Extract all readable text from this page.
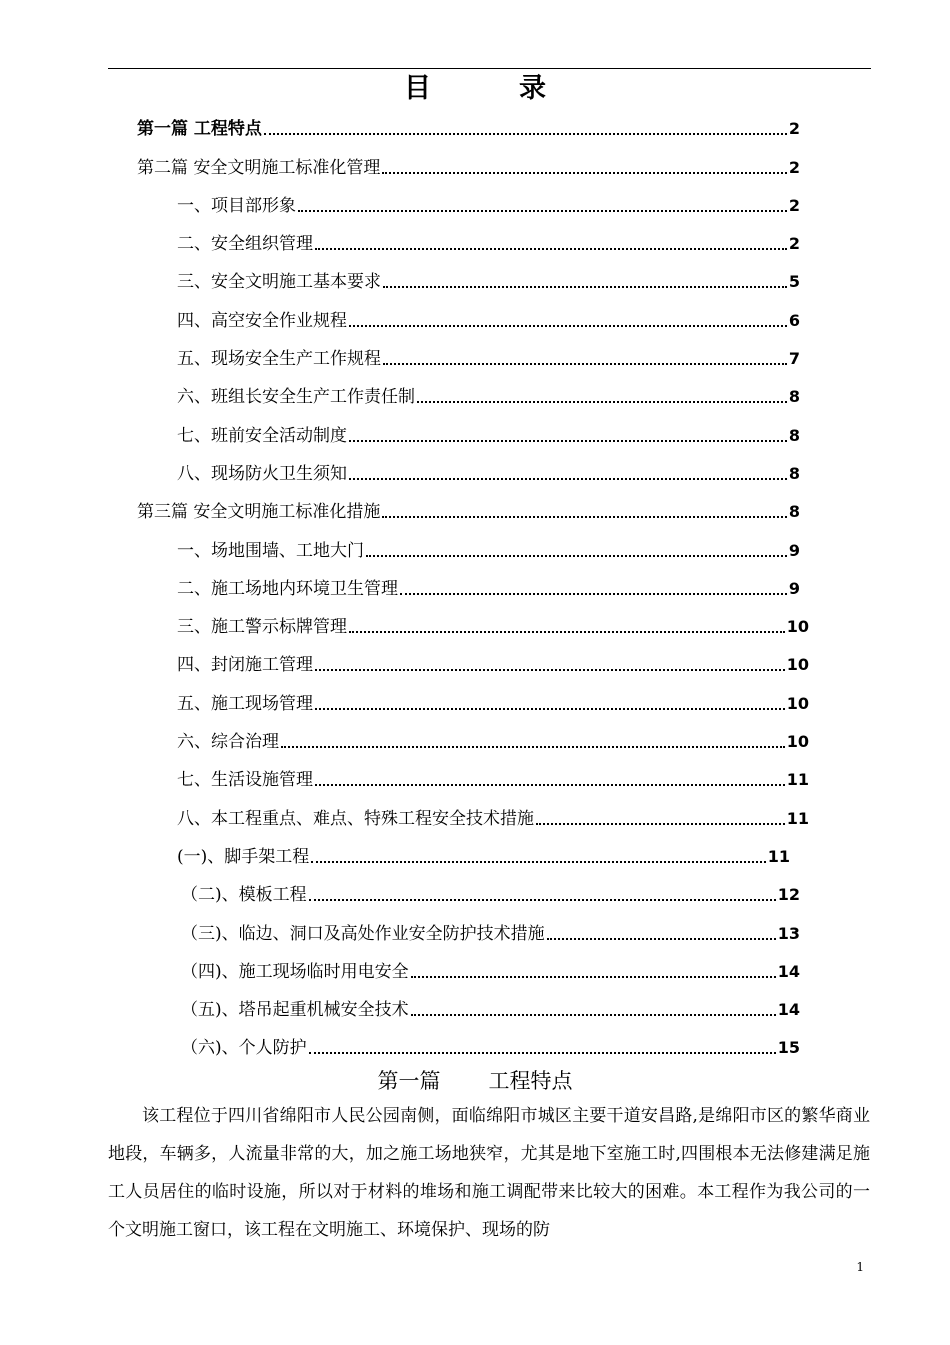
目	录
第一篇 工程特点	2
第二篇 安全文明施工标准化管理	2
一、项目部形象	2
二、安全组织管理	2
三、安全文明施工基本要求	5
四、高空安全作业规程	6
五、现场安全生产工作规程	7
六、班组长安全生产工作责任制	8
七、班前安全活动制度	8
八、现场防火卫生须知	8
第三篇 安全文明施工标准化措施	8
一、场地围墙、工地大门	9
二、施工场地内环境卫生管理	9
三、施工警示标牌管理	10
四、封闭施工管理	10
五、施工现场管理	10
六、综合治理	10
七、生活设施管理	11
八、本工程重点、难点、特殊工程安全技术措施	11
(一)、脚手架工程	11
（二)、模板工程	12
（三)、临边、洞口及高处作业安全防护技术措施	13
（四)、施工现场临时用电安全	14
（五)、塔吊起重机械安全技术	14
（六)、个人防护	15
第一篇 工程特点

该工程位于四川省绵阳市人民公园南侧，面临绵阳市城区主要干道安昌路,是绵阳市区的繁华商业地段，车辆多，人流量非常的大，加之施工场地狭窄，尤其是地下室施工时,四围根本无法修建满足施工人员居住的临时设施，所以对于材料的堆场和施工调配带来比较大的困难。本工程作为我公司的一个文明施工窗口，该工程在文明施工、环境保护、现场的防

1
